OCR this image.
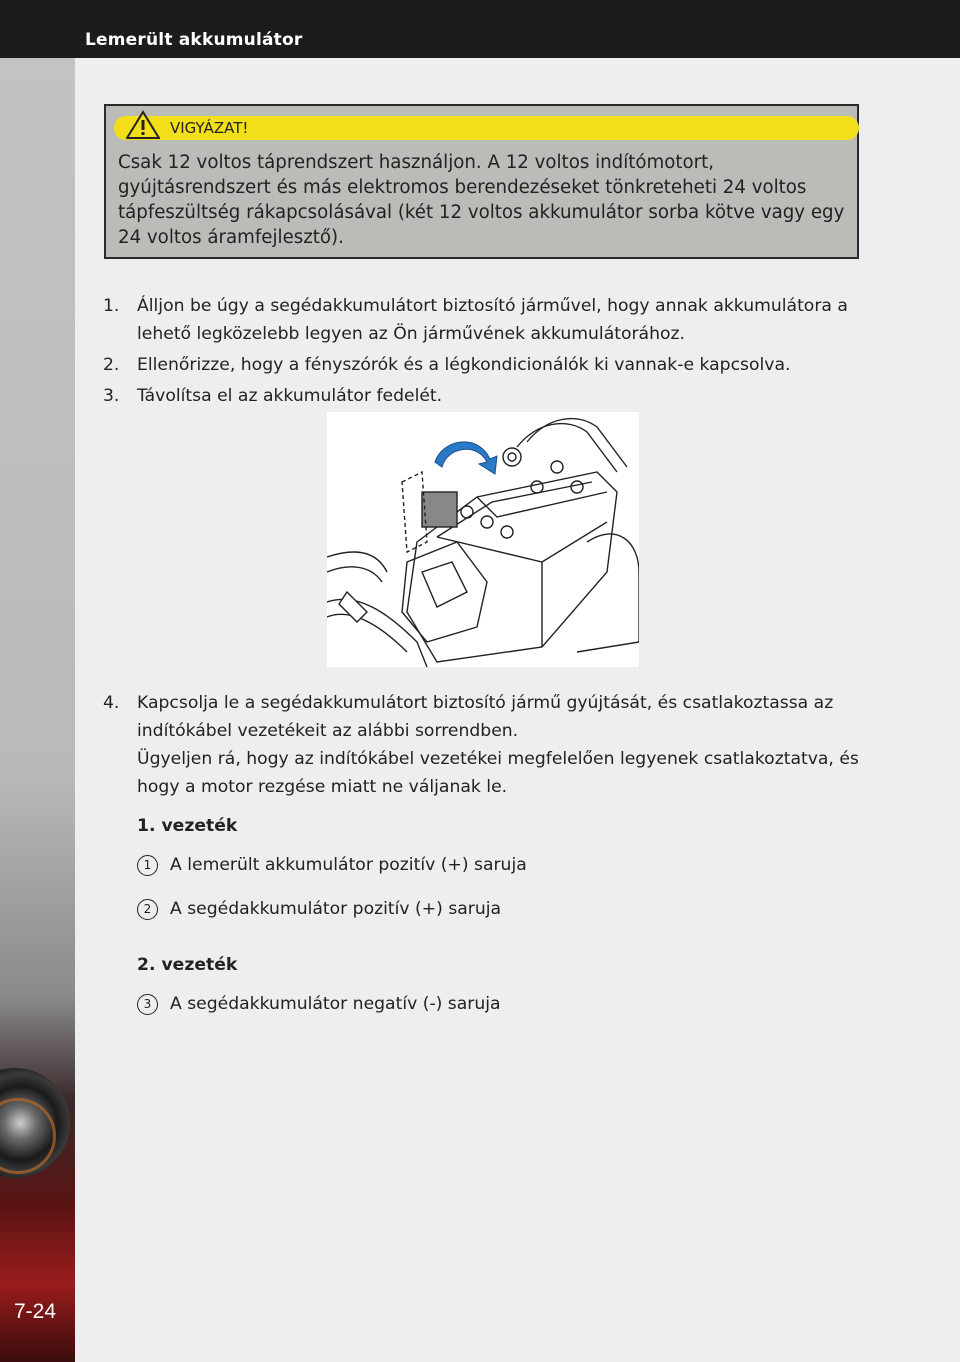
Lemerült akkumulátor
7-24
VIGYÁZAT!
Csak 12 voltos táprendszert használjon. A 12 voltos indítómotort, gyújtásrendszert és más elektromos berendezéseket tönkreteheti 24 voltos tápfeszültség rákapcsolásával (két 12 voltos akkumulátor sorba kötve vagy egy 24 voltos áramfejlesztő).
1.	Álljon be úgy a segédakkumulátort biztosító járművel, hogy annak akkumulátora a lehető legközelebb legyen az Ön járművének akkumulátorához.
2.	Ellenőrizze, hogy a fényszórók és a légkondicionálók ki vannak-e kapcsolva.
3.	Távolítsa el az akkumulátor fedelét.
4.	Kapcsolja le a segédakkumulátort biztosító jármű gyújtását, és csatlakoztassa az indítókábel vezetékeit az alábbi sorrendben.
Ügyeljen rá, hogy az indítókábel vezetékei megfelelően legyenek csatlakoztatva, és hogy a motor rezgése miatt ne váljanak le.
1. vezeték
1 A lemerült akkumulátor pozitív (+) saruja
2 A segédakkumulátor pozitív (+) saruja
2. vezeték
3 A segédakkumulátor negatív (-) saruja
